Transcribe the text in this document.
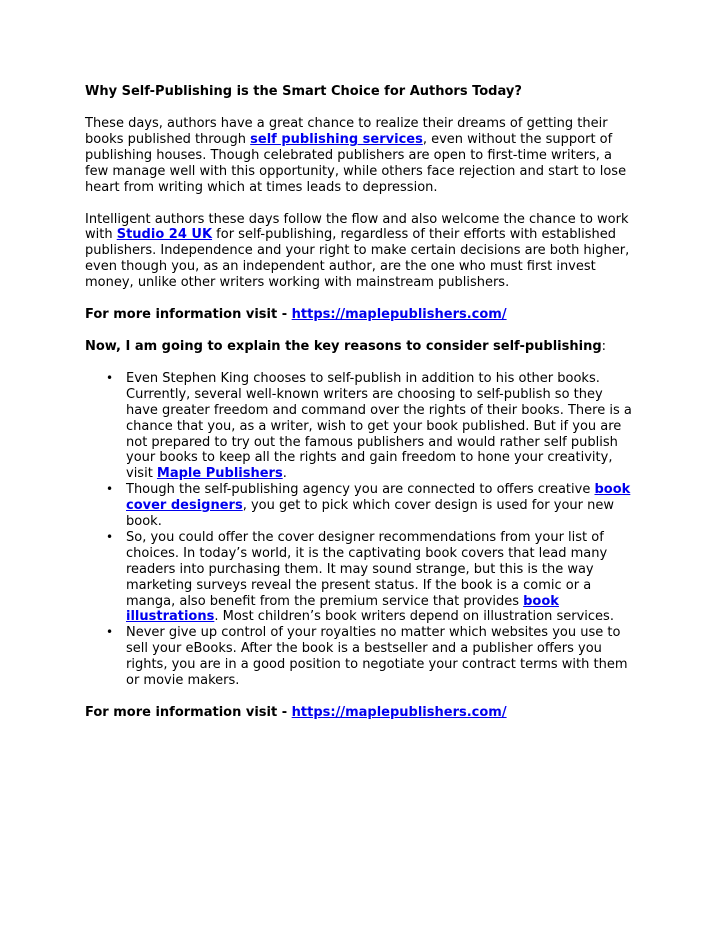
Why Self-Publishing is the Smart Choice for Authors Today?

These days, authors have a great chance to realize their dreams of getting their books published through self publishing services, even without the support of publishing houses. Though celebrated publishers are open to first-time writers, a few manage well with this opportunity, while others face rejection and start to lose heart from writing which at times leads to depression.

Intelligent authors these days follow the flow and also welcome the chance to work with Studio 24 UK for self-publishing, regardless of their efforts with established publishers. Independence and your right to make certain decisions are both higher, even though you, as an independent author, are the one who must first invest money, unlike other writers working with mainstream publishers.

For more information visit - https://maplepublishers.com/

Now, I am going to explain the key reasons to consider self-publishing:

• Even Stephen King chooses to self-publish in addition to his other books. Currently, several well-known writers are choosing to self-publish so they have greater freedom and command over the rights of their books. There is a chance that you, as a writer, wish to get your book published. But if you are not prepared to try out the famous publishers and would rather self publish your books to keep all the rights and gain freedom to hone your creativity, visit Maple Publishers.
• Though the self-publishing agency you are connected to offers creative book cover designers, you get to pick which cover design is used for your new book.
• So, you could offer the cover designer recommendations from your list of choices. In today’s world, it is the captivating book covers that lead many readers into purchasing them. It may sound strange, but this is the way marketing surveys reveal the present status. If the book is a comic or a manga, also benefit from the premium service that provides book illustrations. Most children’s book writers depend on illustration services.
• Never give up control of your royalties no matter which websites you use to sell your eBooks. After the book is a bestseller and a publisher offers you rights, you are in a good position to negotiate your contract terms with them or movie makers.

For more information visit - https://maplepublishers.com/
